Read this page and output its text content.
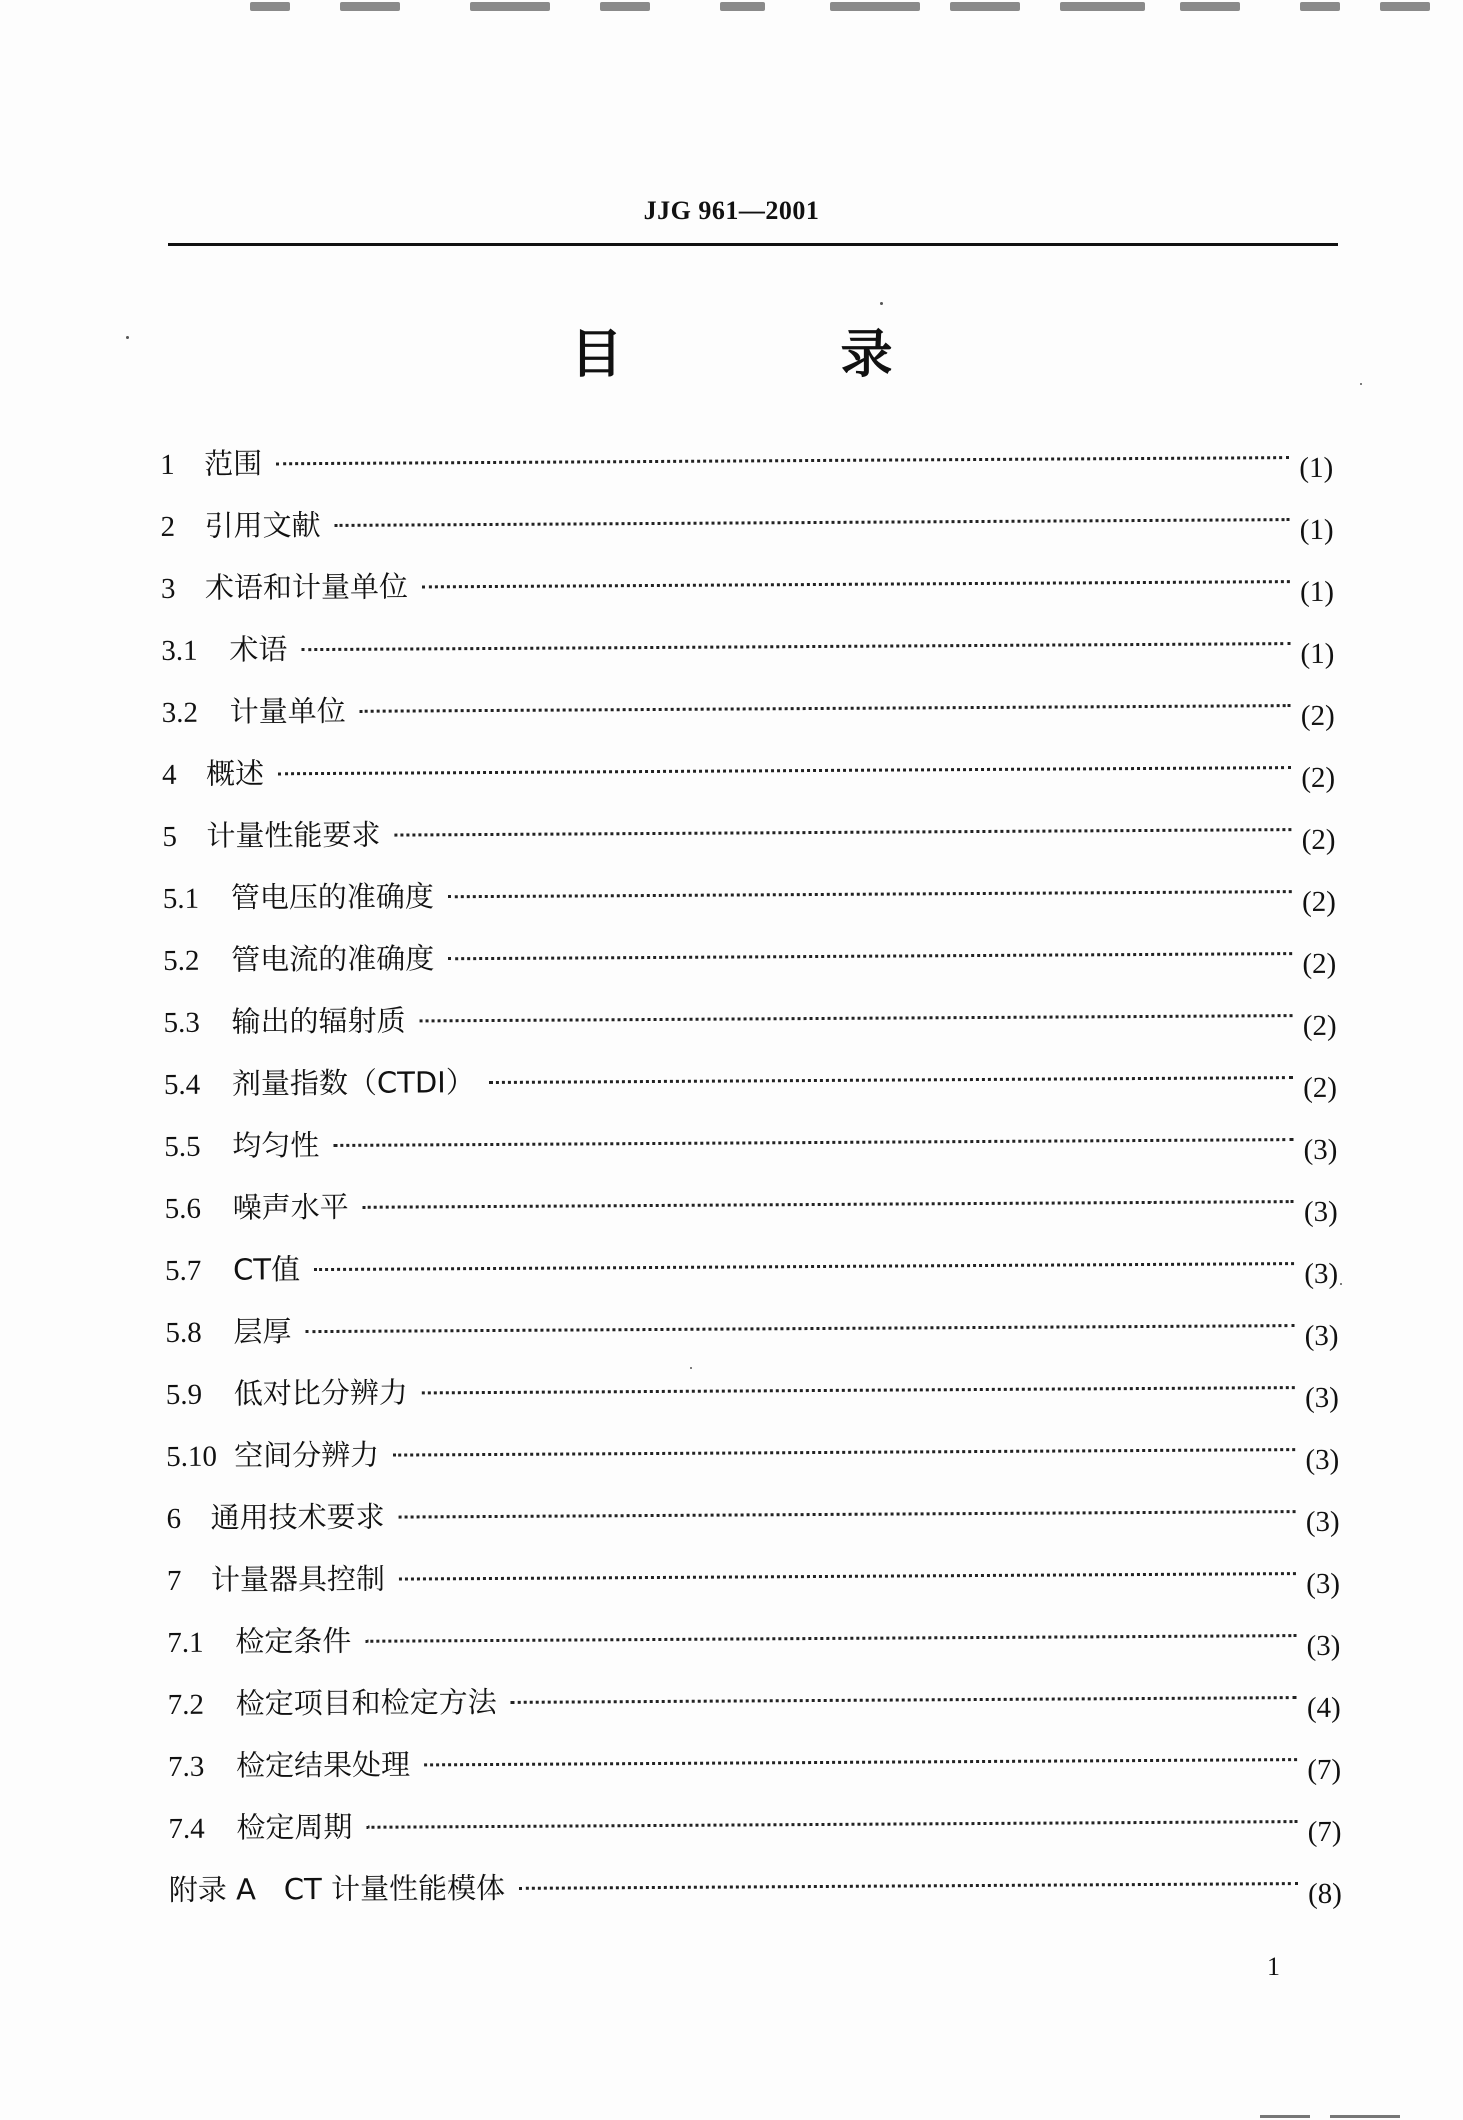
JJG 961—2001
目 录
1	范围	(1)
2	引用文献	(1)
3	术语和计量单位	(1)
3.1	术语	(1)
3.2	计量单位	(2)
4	概述	(2)
5	计量性能要求	(2)
5.1	管电压的准确度	(2)
5.2	管电流的准确度	(2)
5.3	输出的辐射质	(2)
5.4	剂量指数（CTDI）	(2)
5.5	均匀性	(3)
5.6	噪声水平	(3)
5.7	CT值	(3)
5.8	层厚	(3)
5.9	低对比分辨力	(3)
5.10 空间分辨力	(3)
6	通用技术要求	(3)
7	计量器具控制	(3)
7.1	检定条件	(3)
7.2	检定项目和检定方法	(4)
7.3	检定结果处理	(7)
7.4	检定周期	(7)
附录 A CT 计量性能模体	(8)
1
